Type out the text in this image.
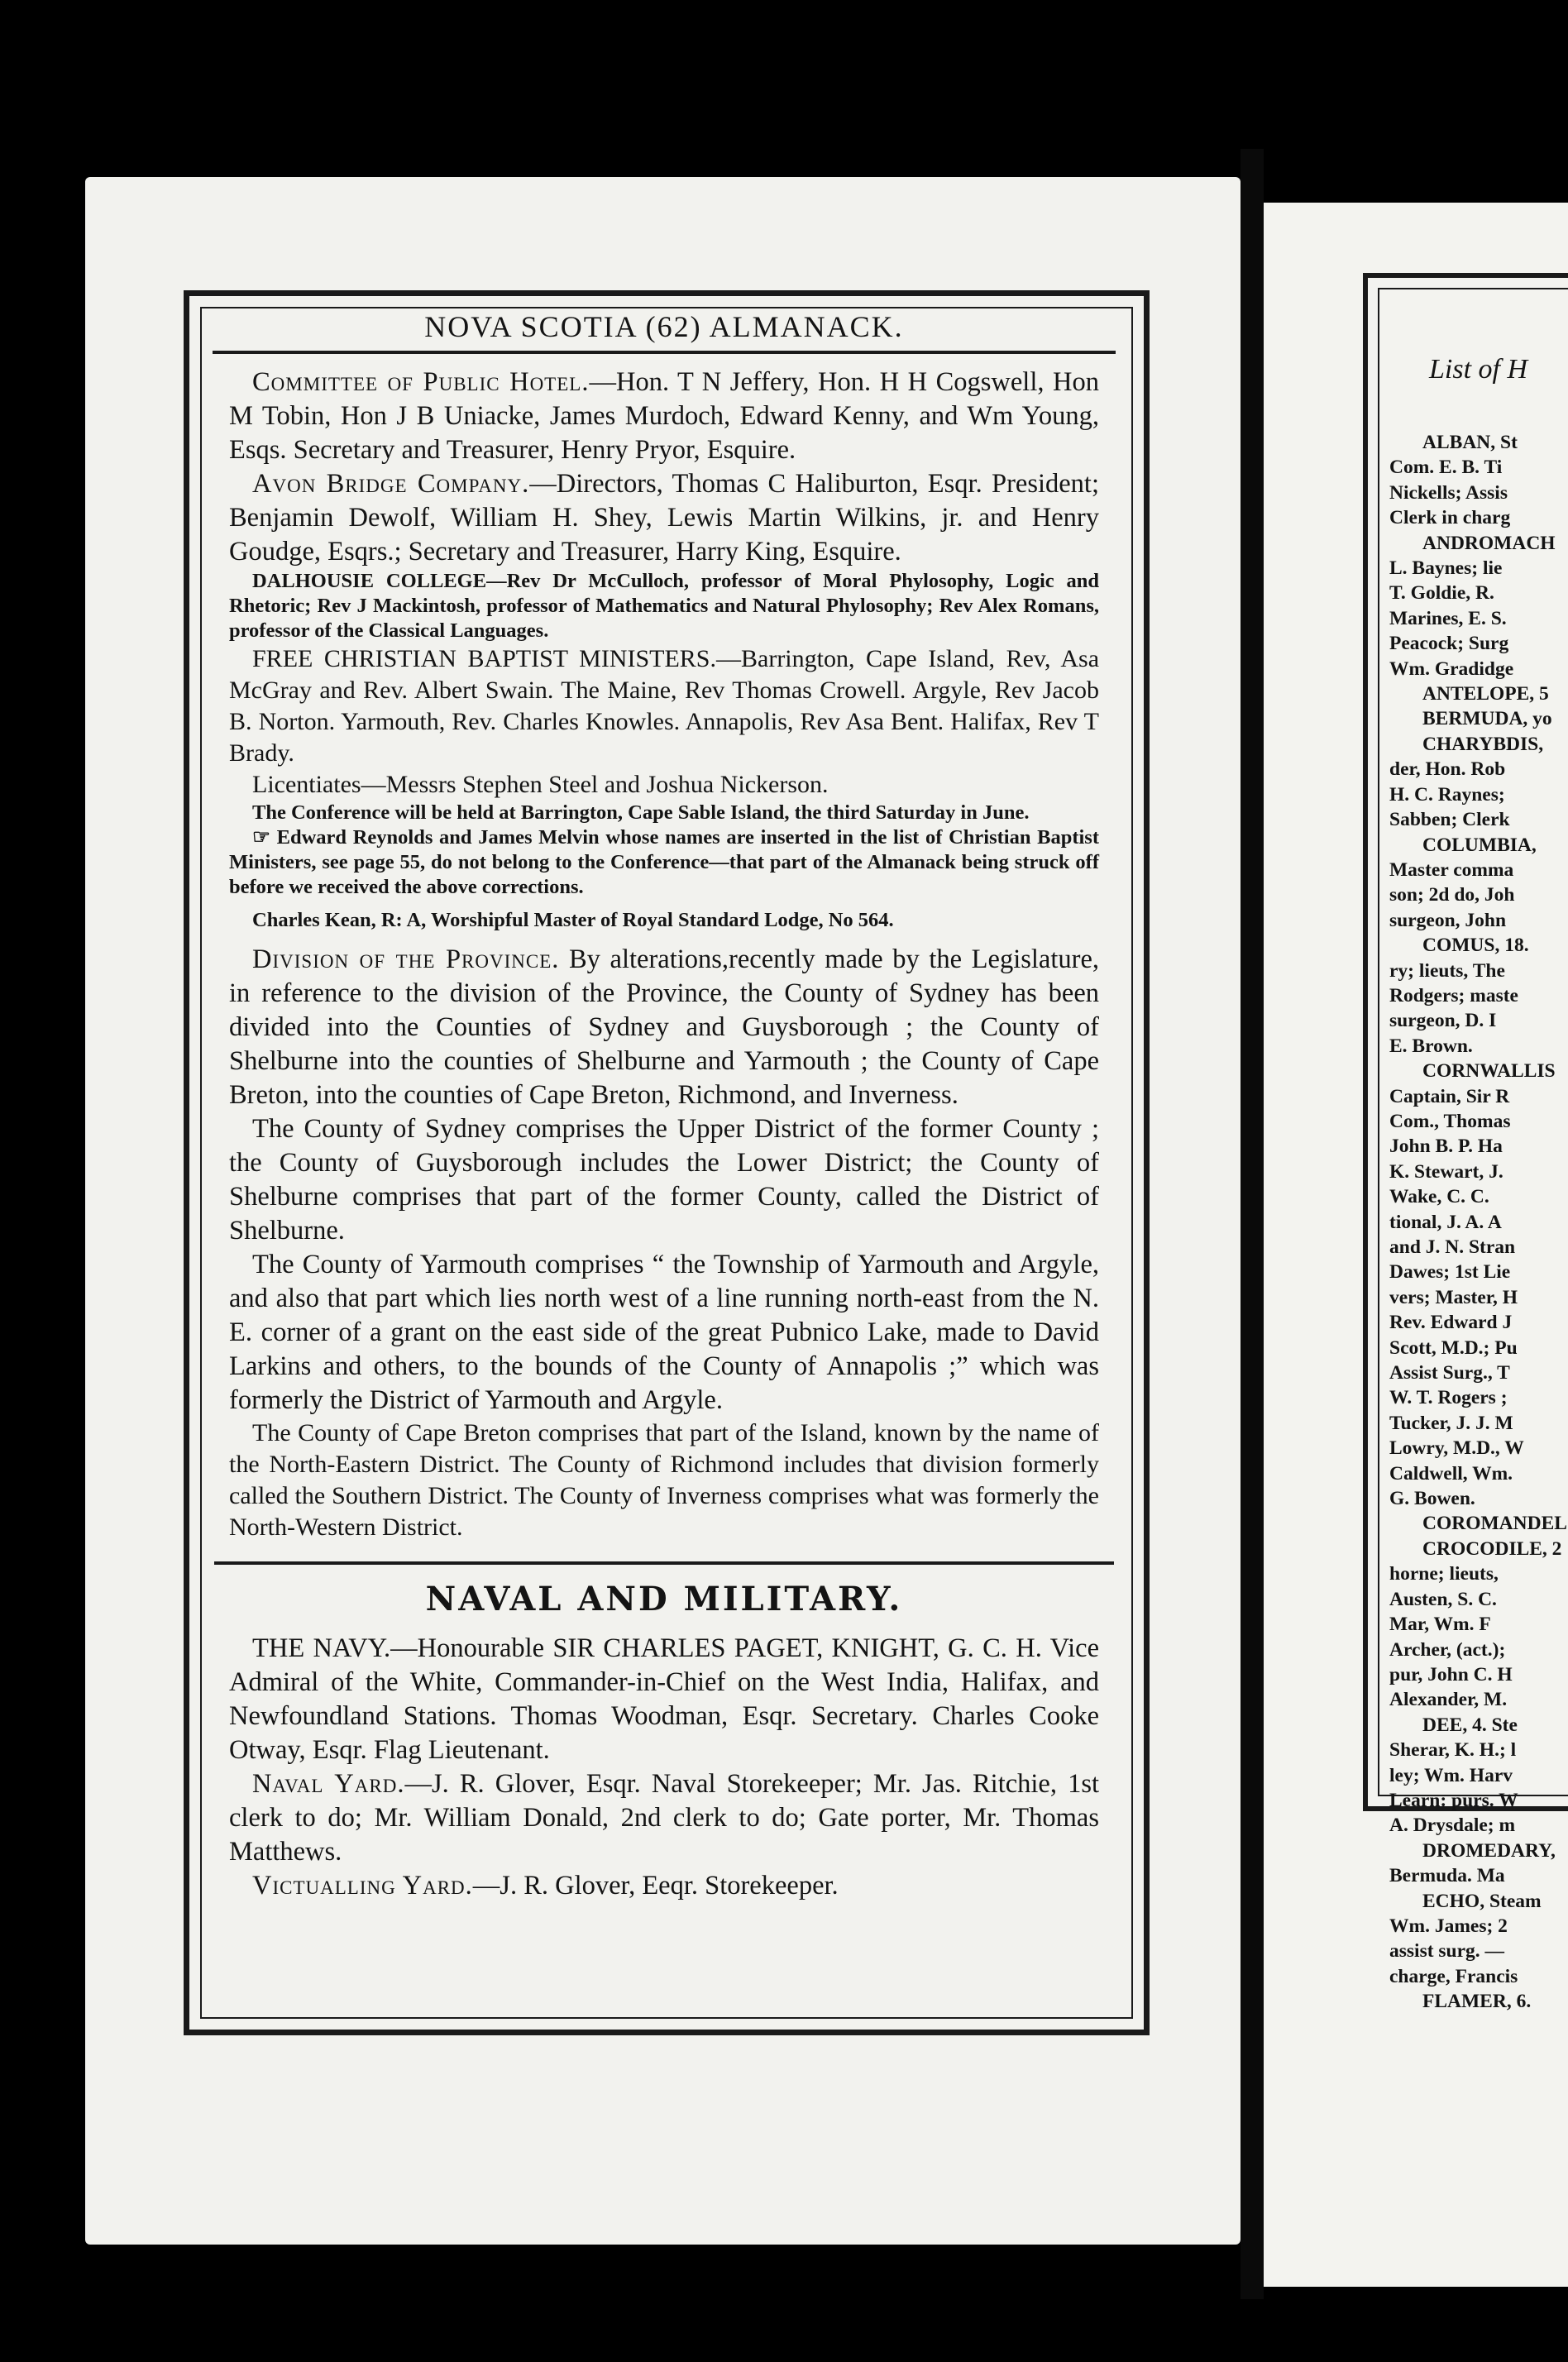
NOVA SCOTIA (62) ALMANACK.

Committee of Public Hotel.—Hon. T N Jeffery, Hon. H H Cogswell, Hon M Tobin, Hon J B Uniacke, James Murdoch, Edward Kenny, and Wm Young, Esqs. Secretary and Treasurer, Henry Pryor, Esquire.

Avon Bridge Company.—Directors, Thomas C Haliburton, Esqr. President; Benjamin Dewolf, William H. Shey, Lewis Martin Wilkins, jr. and Henry Goudge, Esqrs.; Secretary and Treasurer, Harry King, Esquire.

DALHOUSIE COLLEGE—Rev Dr McCulloch, professor of Moral Phylosophy, Logic and Rhetoric; Rev J Mackintosh, professor of Mathematics and Natural Phylosophy; Rev Alex Romans, professor of the Classical Languages.

FREE CHRISTIAN BAPTIST MINISTERS.—Barrington, Cape Island, Rev, Asa McGray and Rev. Albert Swain. The Maine, Rev Thomas Crowell. Argyle, Rev Jacob B. Norton. Yarmouth, Rev. Charles Knowles. Annapolis, Rev Asa Bent. Halifax, Rev T Brady.

Licentiates—Messrs Stephen Steel and Joshua Nickerson.

The Conference will be held at Barrington, Cape Sable Island, the third Saturday in June.

☞ Edward Reynolds and James Melvin whose names are inserted in the list of Christian Baptist Ministers, see page 55, do not belong to the Conference—that part of the Almanack being struck off before we received the above corrections.

Charles Kean, R: A, Worshipful Master of Royal Standard Lodge, No 564.

Division of the Province. By alterations,recently made by the Legislature, in reference to the division of the Province, the County of Sydney has been divided into the Counties of Sydney and Guysborough ; the County of Shelburne into the counties of Shelburne and Yarmouth ; the County of Cape Breton, into the counties of Cape Breton, Richmond, and Inverness.

The County of Sydney comprises the Upper District of the former County ; the County of Guysborough includes the Lower District; the County of Shelburne comprises that part of the former County, called the District of Shelburne.

The County of Yarmouth comprises “ the Township of Yarmouth and Argyle, and also that part which lies north west of a line running north-east from the N. E. corner of a grant on the east side of the great Pubnico Lake, made to David Larkins and others, to the bounds of the County of Annapolis ;” which was formerly the District of Yarmouth and Argyle.

The County of Cape Breton comprises that part of the Island, known by the name of the North-Eastern District. The County of Richmond includes that division formerly called the Southern District. The County of Inverness comprises what was formerly the North-Western District.

NAVAL AND MILITARY.

THE NAVY.—Honourable SIR CHARLES PAGET, KNIGHT, G. C. H. Vice Admiral of the White, Commander-in-Chief on the West India, Halifax, and Newfoundland Stations. Thomas Woodman, Esqr. Secretary. Charles Cooke Otway, Esqr. Flag Lieutenant.

Naval Yard.—J. R. Glover, Esqr. Naval Storekeeper; Mr. Jas. Ritchie, 1st clerk to do; Mr. William Donald, 2nd clerk to do; Gate porter, Mr. Thomas Matthews.

Victualling Yard.—J. R. Glover, Eeqr. Storekeeper.

List of H
ALBAN, St
Com. E. B. Ti
Nickells; Assis
Clerk in charg
ANDROMACH
L. Baynes; lie
T. Goldie, R.
Marines, E. S.
Peacock; Surg
Wm. Gradidge
ANTELOPE, 5
BERMUDA, yo
CHARYBDIS,
der, Hon. Rob
H. C. Raynes;
Sabben; Clerk
COLUMBIA,
Master comma
son; 2d do, Joh
surgeon, John
COMUS, 18.
ry; lieuts, The
Rodgers; maste
surgeon, D. I
E. Brown.
CORNWALLIS
Captain, Sir R
Com., Thomas
John B. P. Ha
K. Stewart, J.
Wake, C. C.
tional, J. A. A
and J. N. Stran
Dawes; 1st Lie
vers; Master, H
Rev. Edward J
Scott, M.D.; Pu
Assist Surg., T
W. T. Rogers ;
Tucker, J. J. M
Lowry, M.D., W
Caldwell, Wm.
G. Bowen.
COROMANDEL
CROCODILE, 2
horne; lieuts,
Austen, S. C.
Mar, Wm. F
Archer, (act.);
pur, John C. H
Alexander, M.
DEE, 4. Ste
Sherar, K. H.; l
ley; Wm. Harv
Learn: purs. W
A. Drysdale; m
DROMEDARY,
Bermuda. Ma
ECHO, Steam
Wm. James; 2
assist surg. —
charge, Francis
FLAMER, 6.
